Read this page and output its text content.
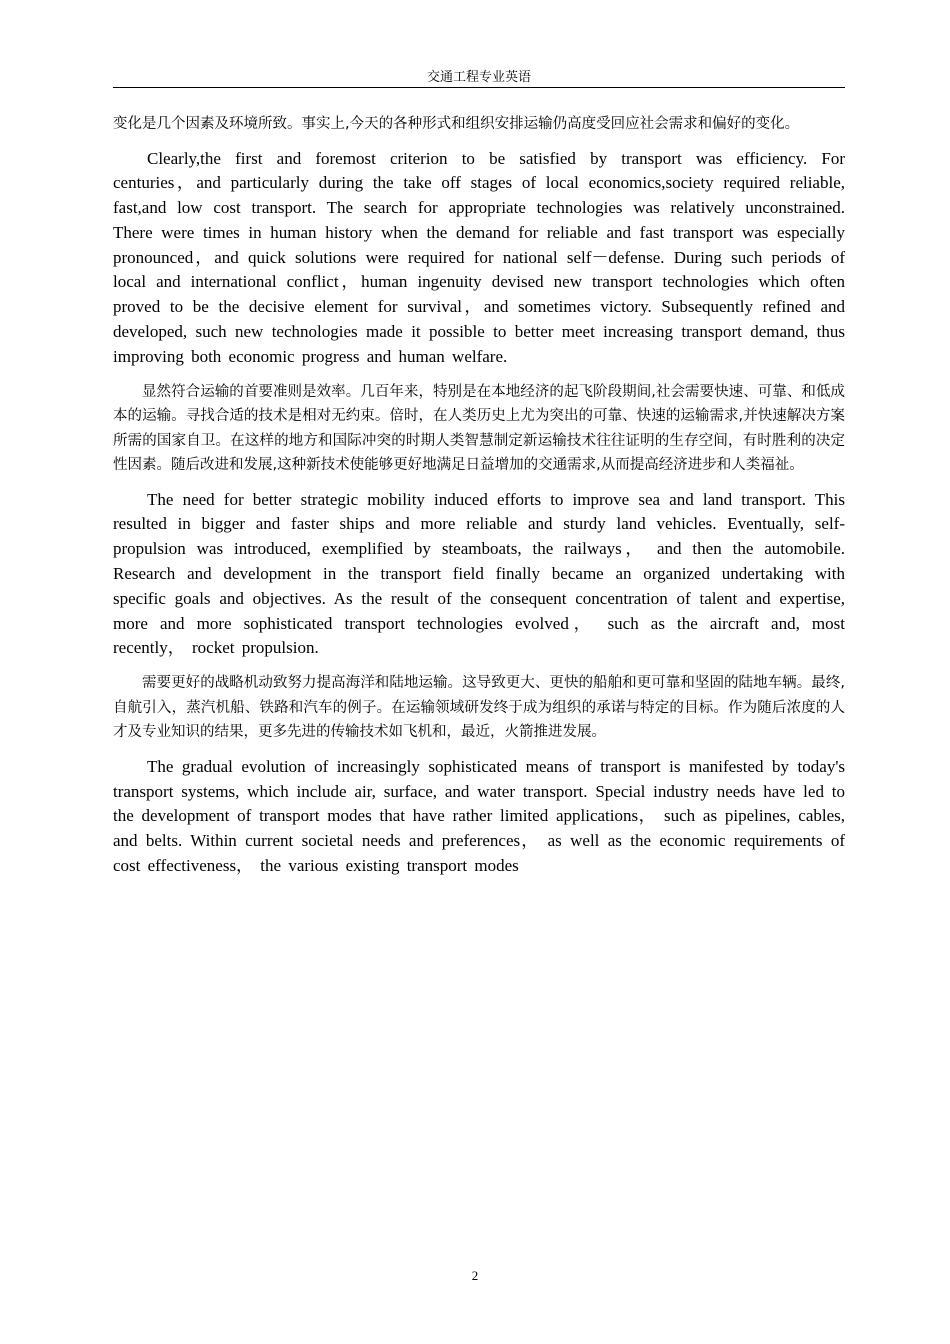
交通工程专业英语

变化是几个因素及环境所致。事实上,今天的各种形式和组织安排运输仍高度受回应社会需求和偏好的变化。

Clearly,the first and foremost criterion to be satisfied by transport was efficiency. For centuries，and particularly during the take off stages of local economics,society required reliable, fast,and low cost transport. The search for appropriate technologies was relatively unconstrained. There were times in human history when the demand for reliable and fast transport was especially pronounced，and quick solutions were required for national self－defense. During such periods of local and international conflict，human ingenuity devised new transport technologies which often proved to be the decisive element for survival，and sometimes victory. Subsequently refined and developed, such new technologies made it possible to better meet increasing transport demand, thus improving both economic progress and human welfare.

显然符合运输的首要准则是效率。几百年来，特别是在本地经济的起飞阶段期间,社会需要快速、可靠、和低成本的运输。寻找合适的技术是相对无约束。倍时，在人类历史上尤为突出的可靠、快速的运输需求,并快速解决方案所需的国家自卫。在这样的地方和国际冲突的时期人类智慧制定新运输技术往往证明的生存空间，有时胜利的决定性因素。随后改进和发展,这种新技术使能够更好地满足日益增加的交通需求,从而提高经济进步和人类福祉。

The need for better strategic mobility induced efforts to improve sea and land transport. This resulted in bigger and faster ships and more reliable and sturdy land vehicles. Eventually, self-propulsion was introduced, exemplified by steamboats, the railways， and then the automobile. Research and development in the transport field finally became an organized undertaking with specific goals and objectives. As the result of the consequent concentration of talent and expertise, more and more sophisticated transport technologies evolved， such as the aircraft and, most recently， rocket propulsion.

需要更好的战略机动致努力提高海洋和陆地运输。这导致更大、更快的船舶和更可靠和坚固的陆地车辆。最终,自航引入，蒸汽机船、铁路和汽车的例子。在运输领域研发终于成为组织的承诺与特定的目标。作为随后浓度的人才及专业知识的结果，更多先进的传输技术如飞机和，最近，火箭推进发展。

The gradual evolution of increasingly sophisticated means of transport is manifested by today's transport systems, which include air, surface, and water transport. Special industry needs have led to the development of transport modes that have rather limited applications， such as pipelines, cables, and belts. Within current societal needs and preferences， as well as the economic requirements of cost effectiveness， the various existing transport modes

2
